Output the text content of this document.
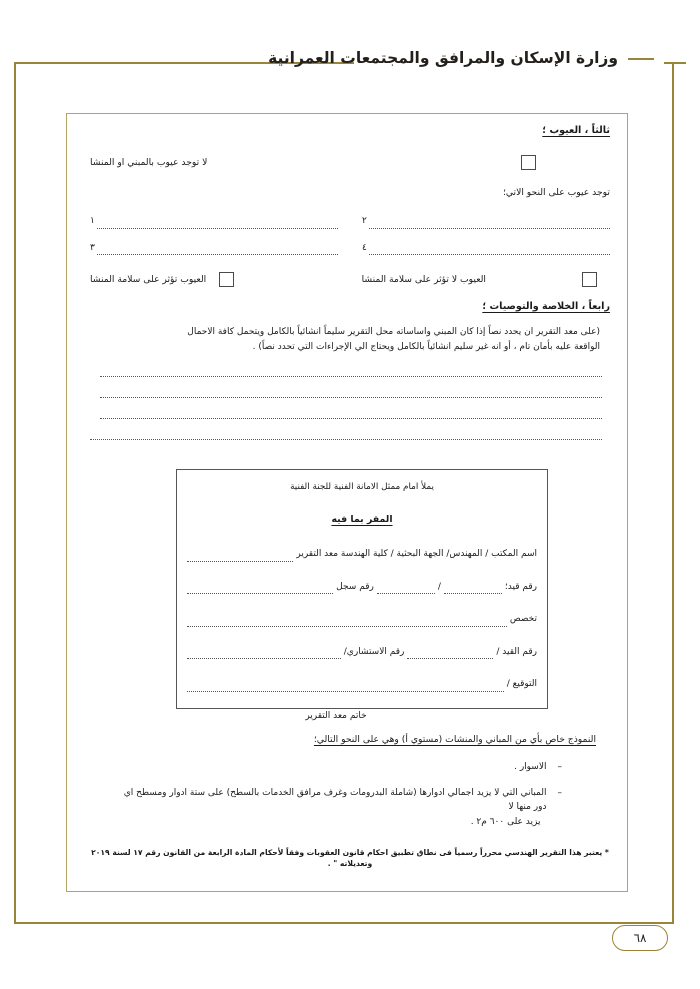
وزارة الإسكان والمرافق والمجتمعات العمرانية

ثالثاً ، العيوب ؛

لا توجد عيوب بالمبني او المنشا

توجد عيوب على النحو الاتي؛

٢
١
٤
٣
العيوب لا تؤثر على سلامة المنشا
العيوب تؤثر على سلامة المنشا

رابعاً ، الخلاصة والتوصيات ؛

(على معد التقرير ان يحدد نصاً إذا كان المبني واساساته محل التقرير سليماً انشائياً بالكامل ويتحمل كافة الاحمال
الواقعة عليه بأمان تام ، أو انه غير سليم انشائياً بالكامل ويحتاج الي الإجراءات التي تحدد نصاً) .

يملأ امام ممثل الامانة الفنية للجنة الفنية

المقر بما فيه

اسم المكتب / المهندس/ الجهة البحثية / كلية الهندسة معد التقرير
رقم قيد؛
/
رقم سجل
تخصص
رقم القيد /
رقم الاستشاري/
التوقيع /

خاتم معد التقرير

النموذج خاص بأي من المباني والمنشات (مستوي أ) وهي على النحو التالي؛

–
الاسوار .
–
المباني التي لا يزيد اجمالي ادوارها (شاملة البدرومات وغرف مرافق الخدمات بالسطح) على ستة ادوار ومسطح اي دور منها لا
يزيد على ٦٠٠ م٢ .

* يعتبر هذا التقرير الهندسي محرراً رسمياً فى نطاق تطبيق احكام قانون العقوبات وفقاً لأحكام المادة الرابعة من القانون رقم ١٧ لسنة ٢٠١٩ وتعديلاته " .

٦٨
